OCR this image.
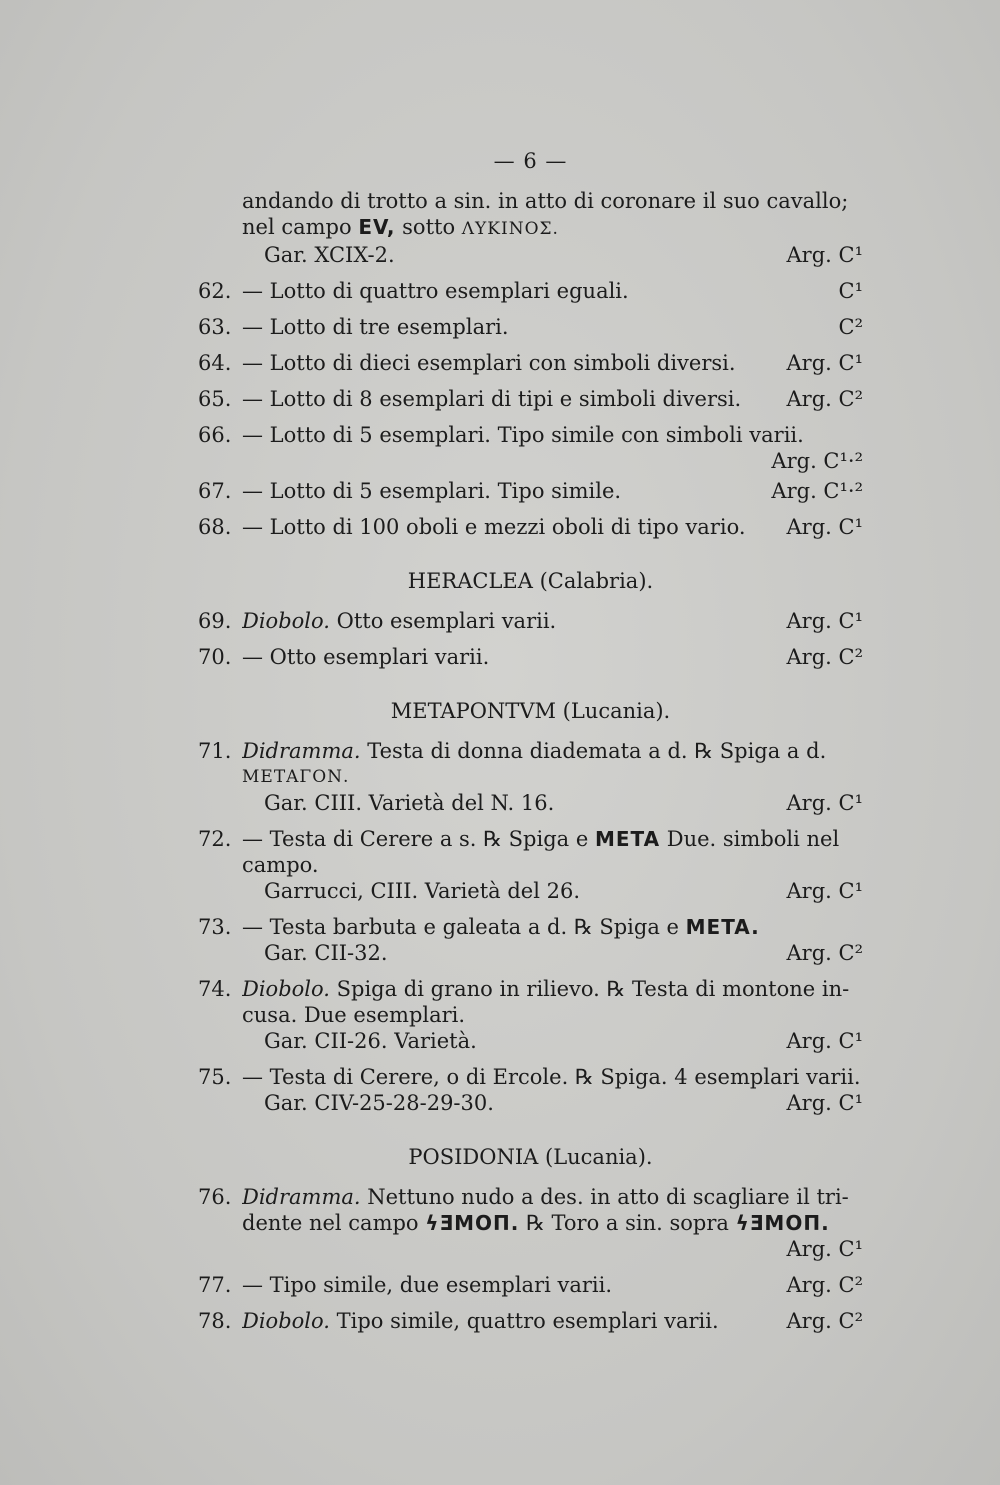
— 6 —
andando di trotto a sin. in atto di coronare il suo cavallo;
nel campo EV, sotto ΛΥΚΙΝΟΣ.
Gar. XCIX-2.	Arg. C¹
62. — Lotto di quattro esemplari eguali.	C¹
63. — Lotto di tre esemplari.	C²
64. — Lotto di dieci esemplari con simboli diversi.	Arg. C¹
65. — Lotto di 8 esemplari di tipi e simboli diversi.	Arg. C²
66. — Lotto di 5 esemplari. Tipo simile con simboli varii.
Arg. C¹·²
67. — Lotto di 5 esemplari. Tipo simile.	Arg. C¹·²
68. — Lotto di 100 oboli e mezzi oboli di tipo vario.	Arg. C¹
HERACLEA (Calabria).
69. Diobolo. Otto esemplari varii.	Arg. C¹
70. — Otto esemplari varii.	Arg. C²
METAPONTVM (Lucania).
71. Didramma. Testa di donna diademata a d. ℞ Spiga a d.
ΜΕΤΑΓΟΝ.
Gar. CIII. Varietà del N. 16.	Arg. C¹
72. — Testa di Cerere a s. ℞ Spiga e META Due. simboli nel
campo.
Garrucci, CIII. Varietà del 26.	Arg. C¹
73. — Testa barbuta e galeata a d. ℞ Spiga e META.
Gar. CII-32.	Arg. C²
74. Diobolo. Spiga di grano in rilievo. ℞ Testa di montone in-
cusa. Due esemplari.
Gar. CII-26. Varietà.	Arg. C¹
75. — Testa di Cerere, o di Ercole. ℞ Spiga. 4 esemplari varii.
Gar. CIV-25-28-29-30.	Arg. C¹
POSIDONIA (Lucania).
76. Didramma. Nettuno nudo a des. in atto di scagliare il tri-
dente nel campo ϟƎMOΠ. ℞ Toro a sin. sopra ϟƎMOΠ.
Arg. C¹
77. — Tipo simile, due esemplari varii.	Arg. C²
78. Diobolo. Tipo simile, quattro esemplari varii.	Arg. C²
